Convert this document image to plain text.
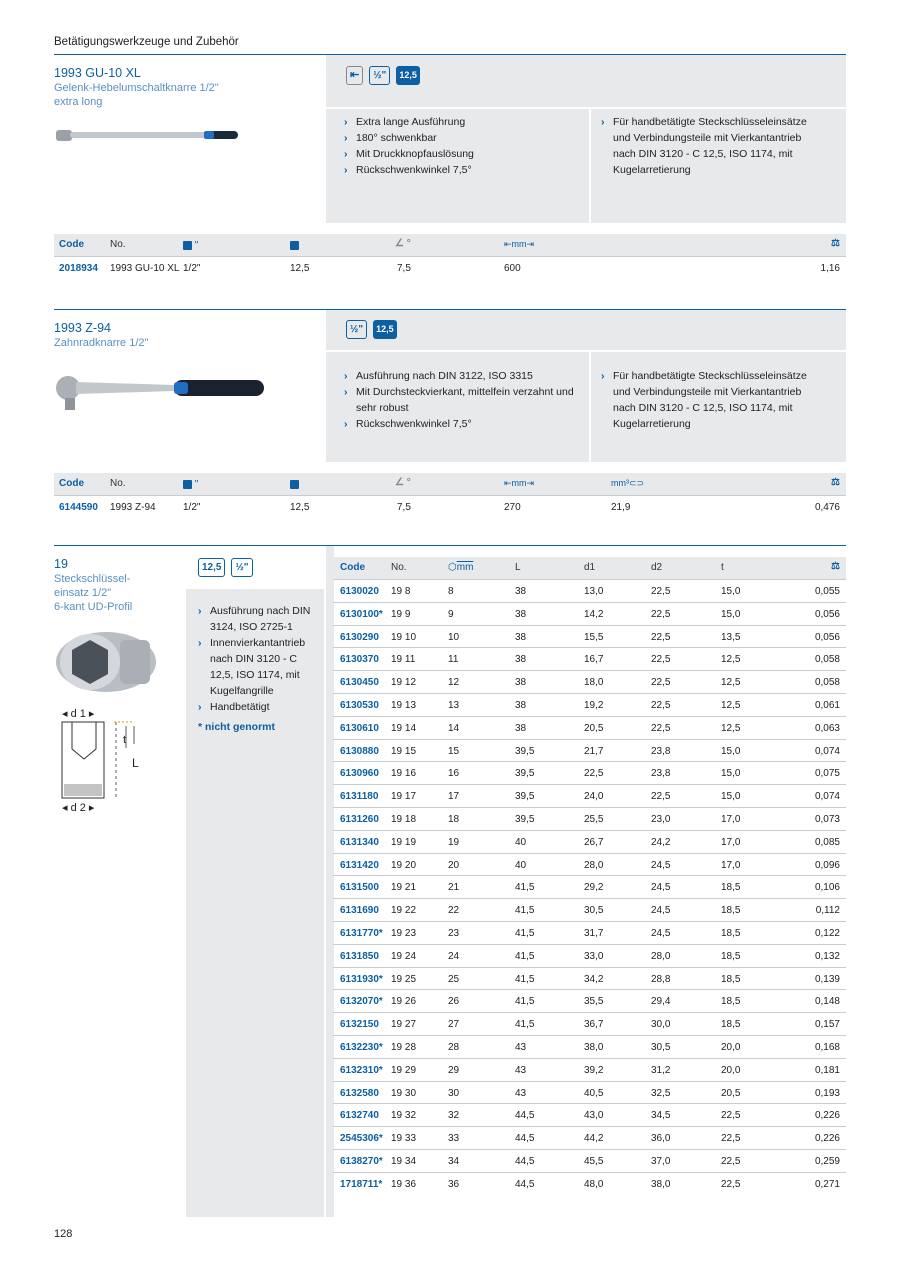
Betätigungswerkzeuge und Zubehör
1993 GU-10 XL
Gelenk-Hebelumschaltknarre 1/2"
extra long
⇤ ½" 12,5
› Extra lange Ausführung
› 180° schwenkbar
› Mit Druckknopfauslösung
› Rückschwenkwinkel 7,5°
› Für handbetätigte Steckschlüsseleinsätze und Verbindungsteile mit Vierkantantrieb nach DIN 3120 - C 12,5, ISO 1174, mit Kugelarretierung
Code	No.	"	∠ °	⇤mm⇥	⚖
2018934 1993 GU-10 XL 1/2"	12,5	7,5	600	1,16
1993 Z-94
Zahnradknarre 1/2"
½" 12,5
› Ausführung nach DIN 3122, ISO 3315
› Mit Durchsteckvierkant, mittelfein verzahnt und sehr robust
› Rückschwenkwinkel 7,5°
› Für handbetätigte Steckschlüsseleinsätze und Verbindungsteile mit Vierkantantrieb nach DIN 3120 - C 12,5, ISO 1174, mit Kugelarretierung
Code	No.	"	∠ °	⇤mm⇥	mm³⊂⊃	⚖
6144590 1993 Z-94	1/2"	12,5	7,5	270	21,9	0,476
19
Steckschlüssel-
einsatz 1/2"
6-kant UD-Profil
◂ d 1 ▸
t
L
◂ d 2 ▸
12,5 ½"
› Ausführung nach DIN 3124, ISO 2725-1
› Innenvierkantantrieb nach DIN 3120 - C 12,5, ISO 1174, mit Kugelfangrille
› Handbetätigt
* nicht genormt
Code	No.	$⬡\overline{mm}$	L	d1	d2	t	⚖
6130020 19 8	8	38	13,0	22,5	15,0	0,055
6130100* 19 9	9	38	14,2	22,5	15,0	0,056
6130290 19 10	10	38	15,5	22,5	13,5	0,056
6130370 19 11	11	38	16,7	22,5	12,5	0,058
6130450 19 12	12	38	18,0	22,5	12,5	0,058
6130530 19 13	13	38	19,2	22,5	12,5	0,061
6130610 19 14	14	38	20,5	22,5	12,5	0,063
6130880 19 15	15	39,5	21,7	23,8	15,0	0,074
6130960 19 16	16	39,5	22,5	23,8	15,0	0,075
6131180 19 17	17	39,5	24,0	22,5	15,0	0,074
6131260 19 18	18	39,5	25,5	23,0	17,0	0,073
6131340 19 19	19	40	26,7	24,2	17,0	0,085
6131420 19 20	20	40	28,0	24,5	17,0	0,096
6131500 19 21	21	41,5	29,2	24,5	18,5	0,106
6131690 19 22	22	41,5	30,5	24,5	18,5	0,112
6131770* 19 23	23	41,5	31,7	24,5	18,5	0,122
6131850 19 24	24	41,5	33,0	28,0	18,5	0,132
6131930* 19 25	25	41,5	34,2	28,8	18,5	0,139
6132070* 19 26	26	41,5	35,5	29,4	18,5	0,148
6132150 19 27	27	41,5	36,7	30,0	18,5	0,157
6132230* 19 28	28	43	38,0	30,5	20,0	0,168
6132310* 19 29	29	43	39,2	31,2	20,0	0,181
6132580 19 30	30	43	40,5	32,5	20,5	0,193
6132740 19 32	32	44,5	43,0	34,5	22,5	0,226
2545306* 19 33	33	44,5	44,2	36,0	22,5	0,226
6138270* 19 34	34	44,5	45,5	37,0	22,5	0,259
1718711* 19 36	36	44,5	48,0	38,0	22,5	0,271
128
